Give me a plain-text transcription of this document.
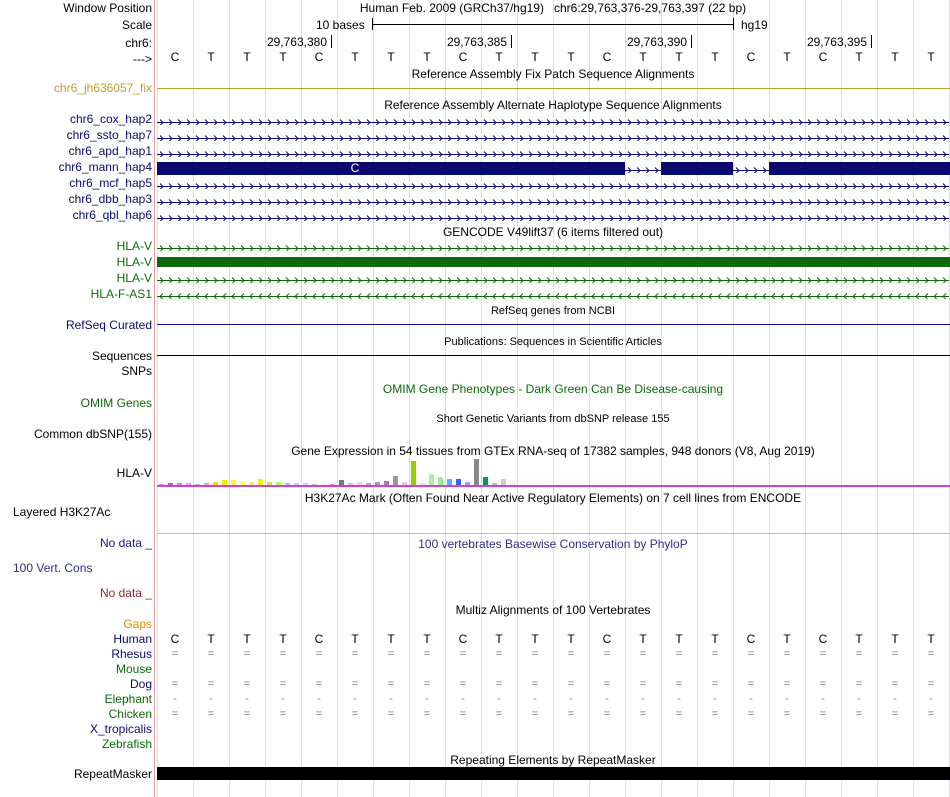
Window Position
Scale
chr6:
--->
Human Feb. 2009 (GRCh37/hg19)   chr6:29,763,376-29,763,397 (22 bp)
10 bases	hg19
29,763,380	29,763,385	29,763,390	29,763,395
C	T	T	T	C	T	T	T	C	T	T	T	C	T	T	T	C	T	C	T	T	T
Reference Assembly Fix Patch Sequence Alignments
chr6_jh636057_fix
Reference Assembly Alternate Haplotype Sequence Alignments
chr6_cox_hap2
chr6_ssto_hap7
chr6_apd_hap1
chr6_mann_hap4	C
chr6_mcf_hap5
chr6_dbb_hap3
chr6_qbl_hap6
GENCODE V49lift37 (6 items filtered out)
HLA-V
HLA-V
HLA-V
HLA-F-AS1
RefSeq genes from NCBI
RefSeq Curated
Publications: Sequences in Scientific Articles
Sequences
SNPs
OMIM Gene Phenotypes - Dark Green Can Be Disease-causing
OMIM Genes
Short Genetic Variants from dbSNP release 155
Common dbSNP(155)
Gene Expression in 54 tissues from GTEx RNA-seq of 17382 samples, 948 donors (V8, Aug 2019)
HLA-V
H3K27Ac Mark (Often Found Near Active Regulatory Elements) on 7 cell lines from ENCODE
Layered H3K27Ac
No data _	100 vertebrates Basewise Conservation by PhyloP
100 Vert. Cons
No data _
Multiz Alignments of 100 Vertebrates
Gaps
Human	C	T	T	T	C	T	T	T	C	T	T	T	C	T	T	T	C	T	C	T	T	T
Rhesus	=	=	=	=	=	=	=	=	=	=	=	=	=	=	=	=	=	=	=	=	=	=
Mouse
Dog	=	=	=	=	=	=	=	=	=	=	=	=	=	=	=	=	=	=	=	=	=	=
Elephant	-	-	-	-	-	-	-	-	-	-	-	-	-	-	-	-	-	-	-	-	-	-
Chicken	=	=	=	=	=	=	=	=	=	=	=	=	=	=	=	=	=	=	=	=	=	=
X_tropicalis
Zebrafish
Repeating Elements by RepeatMasker
RepeatMasker
